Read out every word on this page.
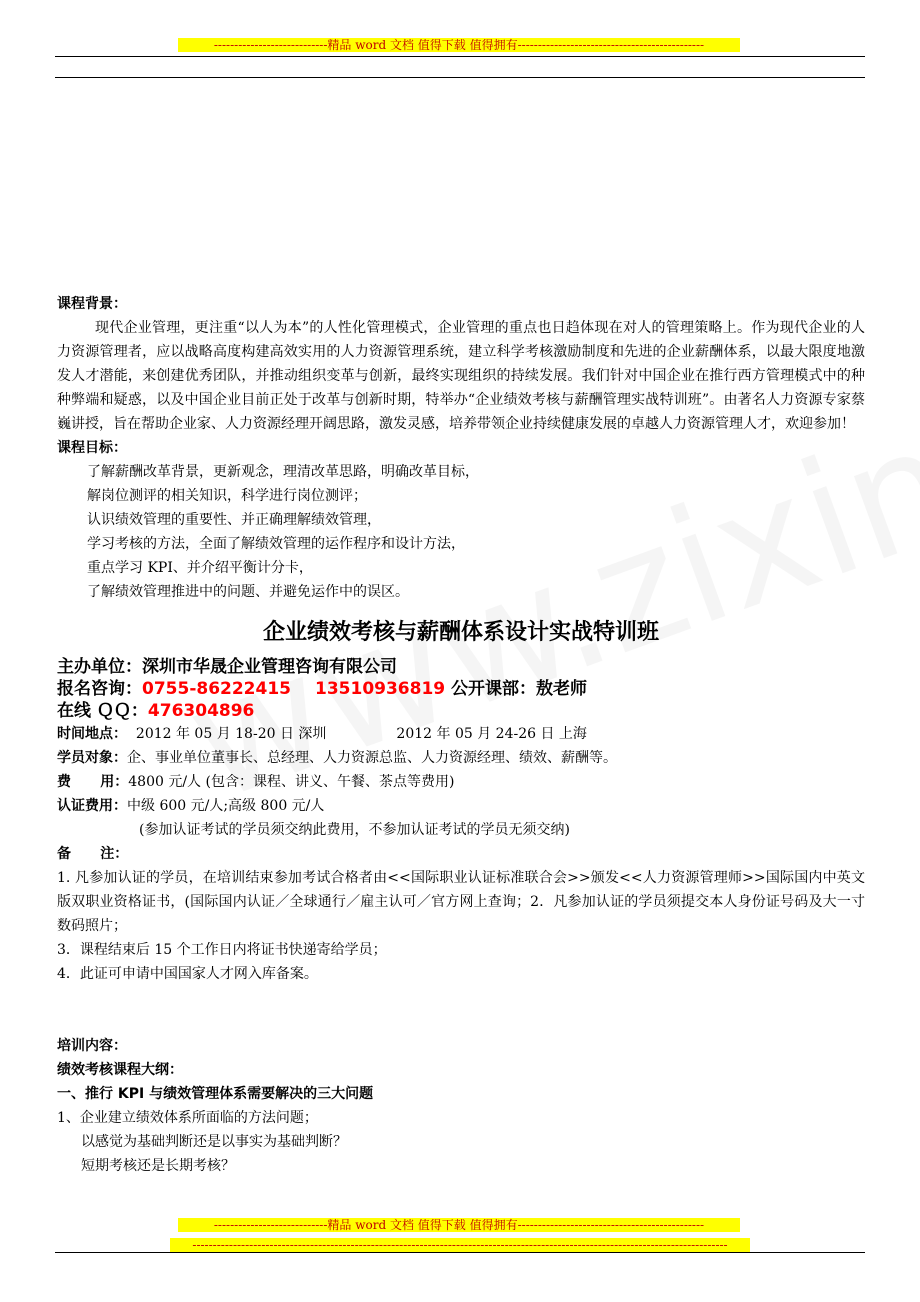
----------------------------精品 word 文档 值得下载 值得拥有----------------------------------------------

课程背景：

现代企业管理，更注重“以人为本”的人性化管理模式，企业管理的重点也日趋体现在对人的管理策略上。作为现代企业的人力资源管理者，应以战略高度构建高效实用的人力资源管理系统，建立科学考核激励制度和先进的企业薪酬体系，以最大限度地激发人才潜能，来创建优秀团队，并推动组织变革与创新，最终实现组织的持续发展。我们针对中国企业在推行西方管理模式中的种种弊端和疑惑，以及中国企业目前正处于改革与创新时期，特举办“企业绩效考核与薪酬管理实战特训班”。由著名人力资源专家蔡巍讲授，旨在帮助企业家、人力资源经理开阔思路，激发灵感，培养带领企业持续健康发展的卓越人力资源管理人才，欢迎参加！

课程目标：

了解薪酬改革背景，更新观念，理清改革思路，明确改革目标，

解岗位测评的相关知识，科学进行岗位测评；

认识绩效管理的重要性、并正确理解绩效管理，

学习考核的方法，全面了解绩效管理的运作程序和设计方法，

重点学习 KPI、并介绍平衡计分卡，

了解绩效管理推进中的问题、并避免运作中的误区。

企业绩效考核与薪酬体系设计实战特训班

主办单位：深圳市华晟企业管理咨询有限公司

报名咨询：0755-86222415 13510936819 公开课部：敖老师

在线 ＱＱ：476304896

时间地点： 2012 年 05 月 18-20 日 深圳	2012 年 05 月 24-26 日 上海

学员对象：企、事业单位董事长、总经理、人力资源总监、人力资源经理、绩效、薪酬等。

费      用：4800 元/人 (包含：课程、讲义、午餐、茶点等费用)

认证费用：中级 600 元/人;高级 800 元/人

(参加认证考试的学员须交纳此费用，不参加认证考试的学员无须交纳)

备      注：

1. 凡参加认证的学员，在培训结束参加考试合格者由<<国际职业认证标准联合会>>颁发<<人力资源管理师>>国际国内中英文版双职业资格证书，(国际国内认证／全球通行／雇主认可／官方网上查询；2．凡参加认证的学员须提交本人身份证号码及大一寸数码照片；

3．课程结束后 15 个工作日内将证书快递寄给学员；

4．此证可申请中国国家人才网入库备案。

培训内容：

绩效考核课程大纲：

一、推行 KPI 与绩效管理体系需要解决的三大问题

1、企业建立绩效体系所面临的方法问题；

以感觉为基础判断还是以事实为基础判断？

短期考核还是长期考核？

----------------------------精品 word 文档 值得下载 值得拥有----------------------------------------------
------------------------------------------------------------------------------------------------------------------------------------
